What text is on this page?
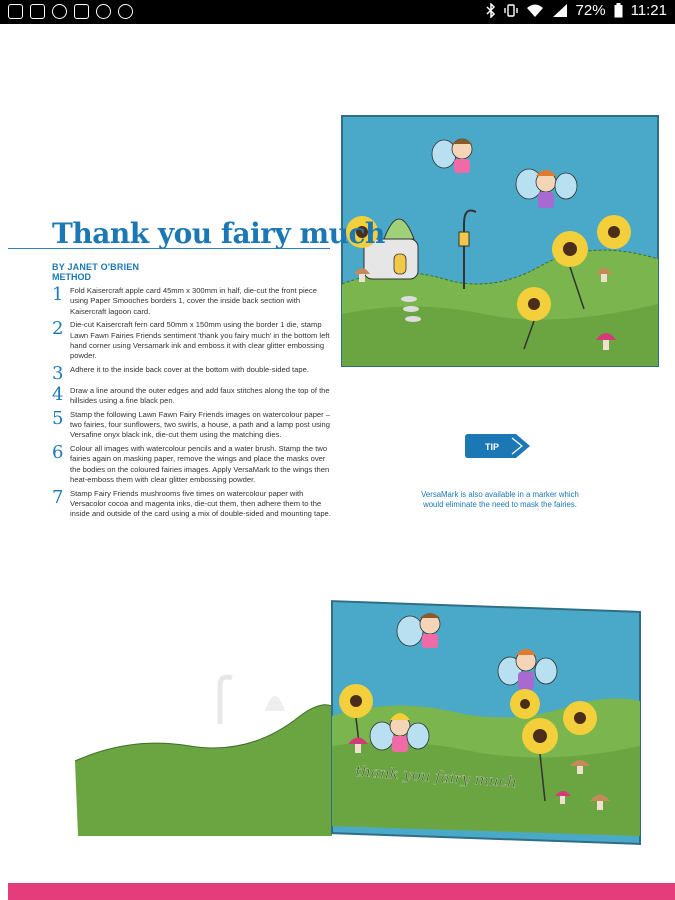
72% 11:21
Thank you fairy much
BY JANET O'BRIEN
METHOD
1 Fold Kaisercraft apple card 45mm x 300mm in half, die-cut the front piece using Paper Smooches borders 1, cover the inside back section with Kaisercraft lagoon card.
2 Die-cut Kaisercraft fern card 50mm x 150mm using the border 1 die, stamp Lawn Fawn Fairies Friends sentiment 'thank you fairy much' in the bottom left hand corner using Versamark ink and emboss it with clear glitter embossing powder.
3 Adhere it to the inside back cover at the bottom with double-sided tape.
4 Draw a line around the outer edges and add faux stitches along the top of the hillsides using a fine black pen.
5 Stamp the following Lawn Fawn Fairy Friends images on watercolour paper – two fairies, four sunflowers, two swirls, a house, a path and a lamp post using Versafine onyx black ink, die-cut them using the matching dies.
6 Colour all images with watercolour pencils and a water brush. Stamp the two fairies again on masking paper, remove the wings and place the masks over the bodies on the coloured fairies images. Apply VersaMark to the wings then heat-emboss them with clear glitter embossing powder.
7 Stamp Fairy Friends mushrooms five times on watercolour paper with Versacolor cocoa and magenta inks, die-cut them, then adhere them to the inside and outside of the card using a mix of double-sided and mounting tape.
TIP
VersaMark is also available in a marker which would eliminate the need to mask the fairies.
thank you fairy much
